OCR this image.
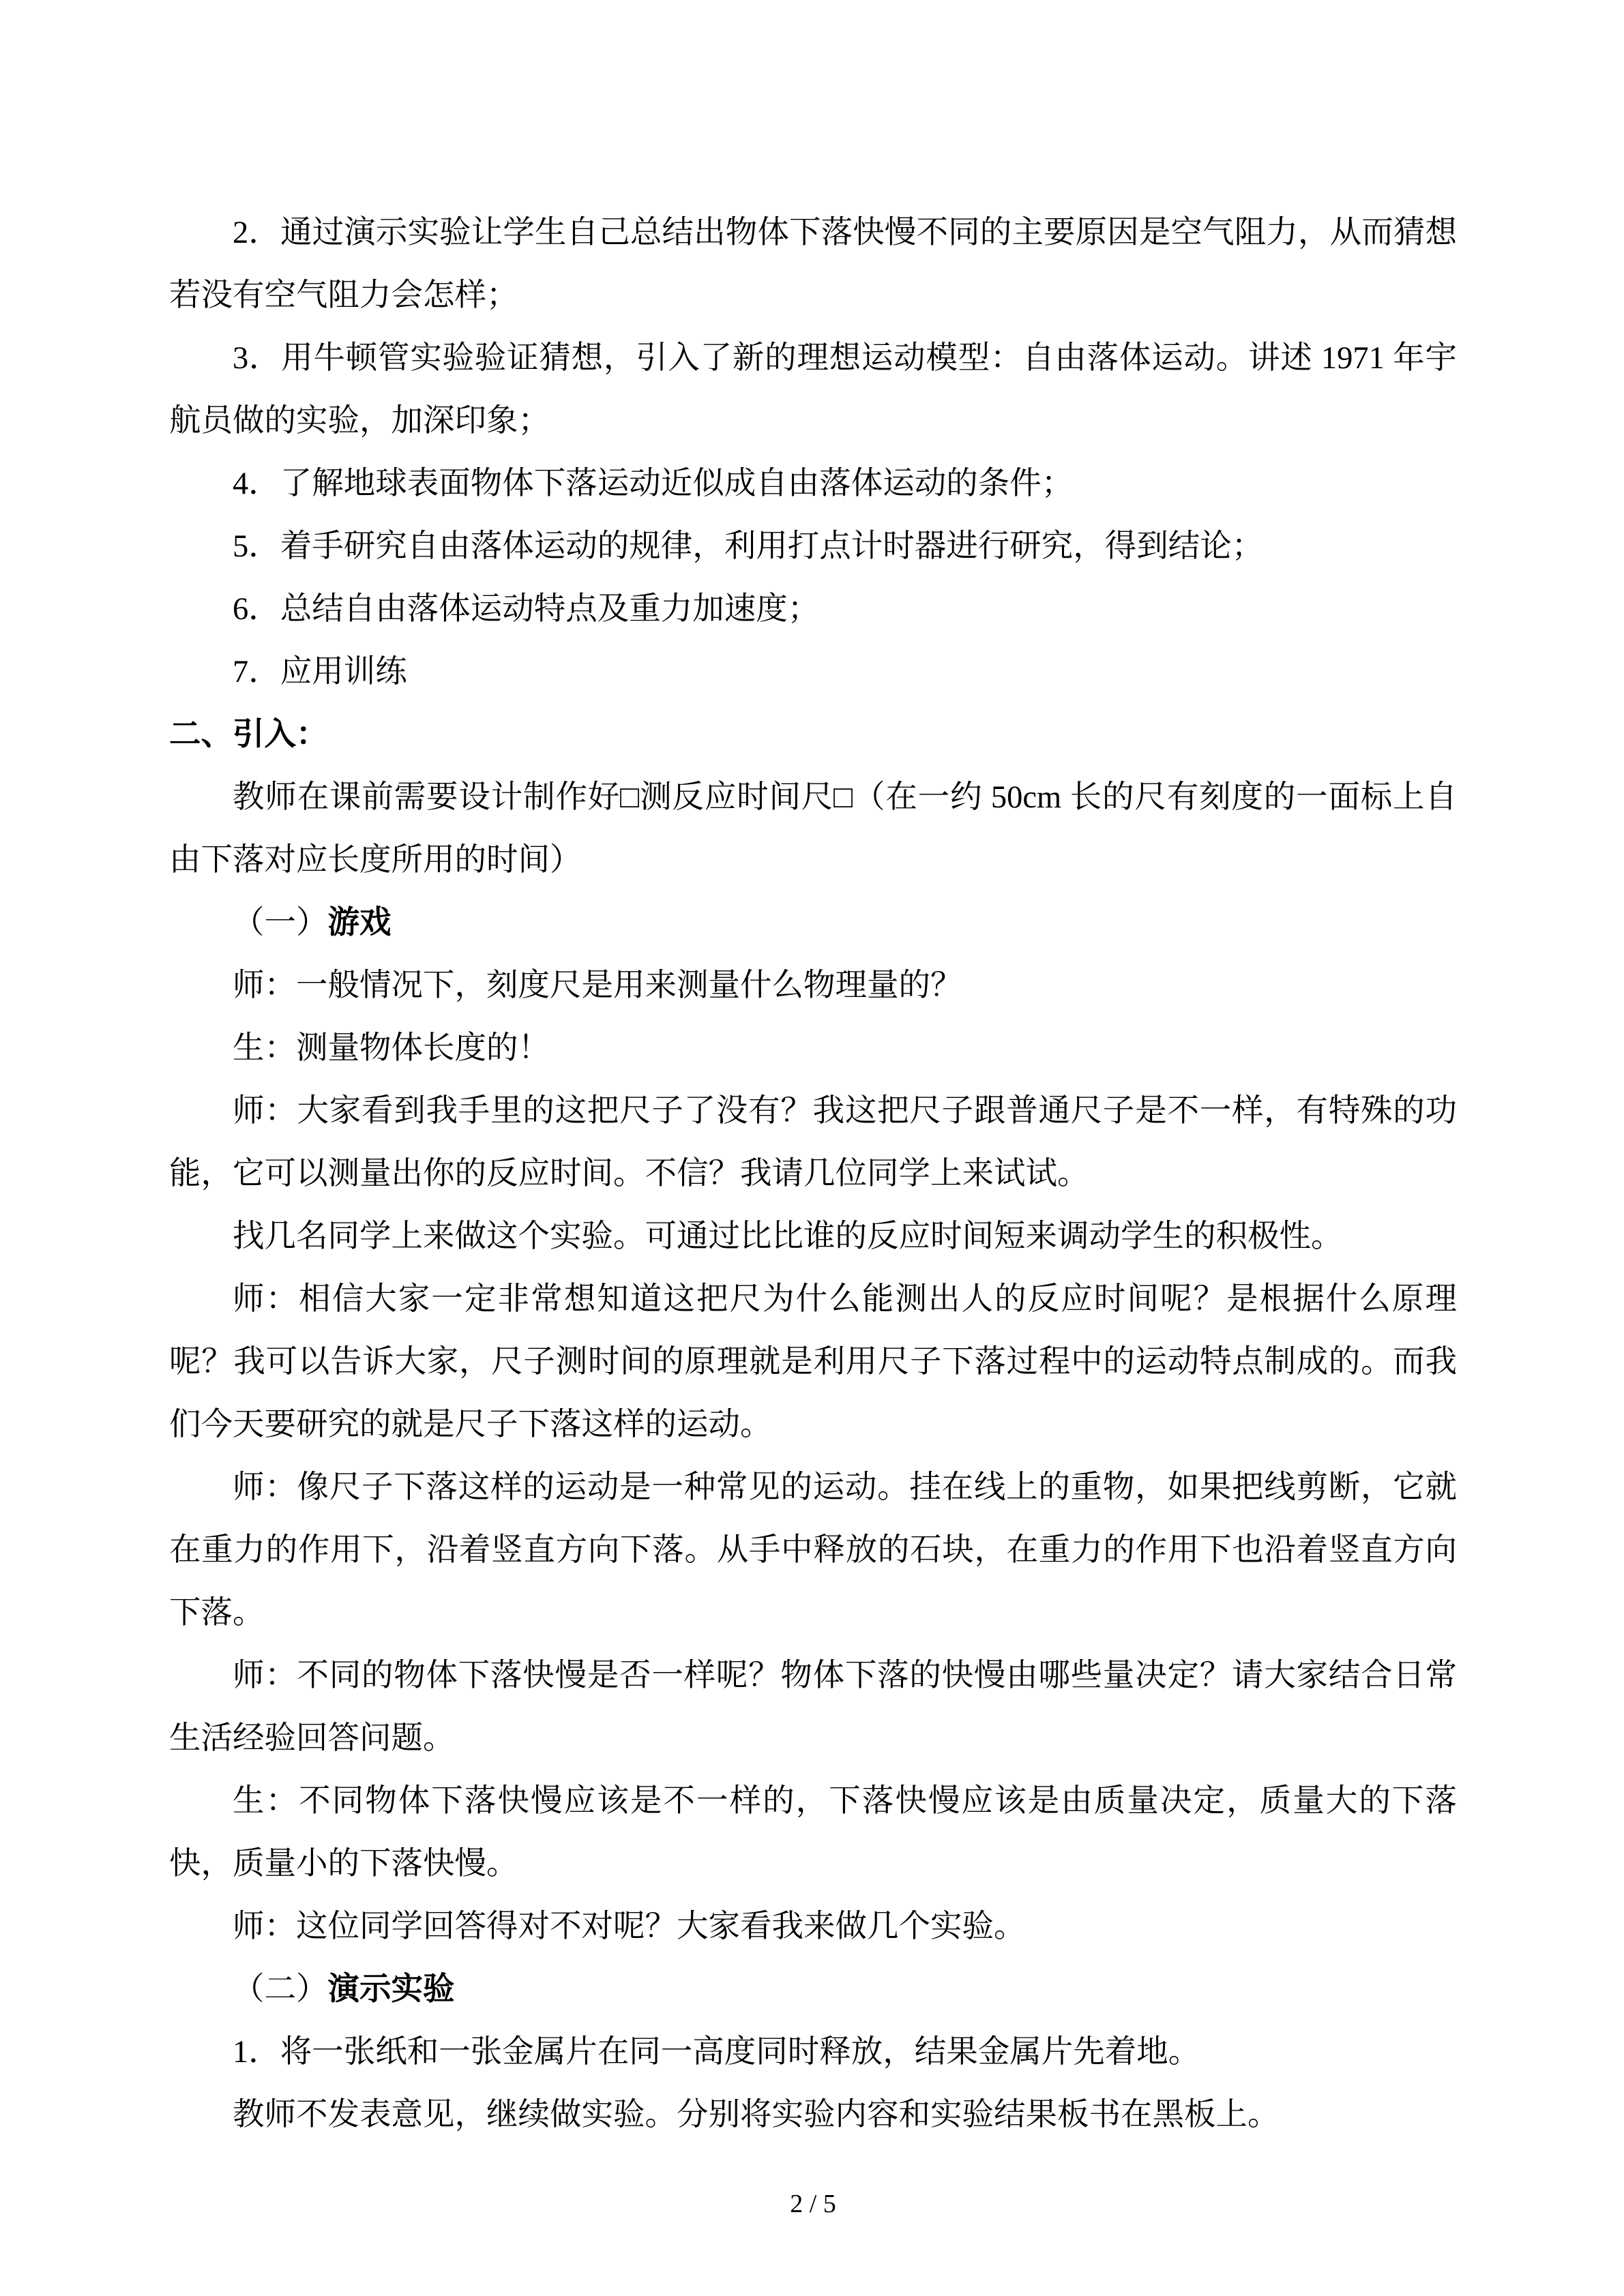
2．通过演示实验让学生自己总结出物体下落快慢不同的主要原因是空气阻力，从而猜想若没有空气阻力会怎样；

3．用牛顿管实验验证猜想，引入了新的理想运动模型：自由落体运动。讲述 1971 年宇航员做的实验，加深印象；

4．了解地球表面物体下落运动近似成自由落体运动的条件；

5．着手研究自由落体运动的规律，利用打点计时器进行研究，得到结论；

6．总结自由落体运动特点及重力加速度；

7．应用训练

二、引入：

教师在课前需要设计制作好□测反应时间尺□（在一约 50cm 长的尺有刻度的一面标上自由下落对应长度所用的时间）

（一）游戏

师：一般情况下，刻度尺是用来测量什么物理量的？

生：测量物体长度的！

师：大家看到我手里的这把尺子了没有？我这把尺子跟普通尺子是不一样，有特殊的功能，它可以测量出你的反应时间。不信？我请几位同学上来试试。

找几名同学上来做这个实验。可通过比比谁的反应时间短来调动学生的积极性。

师：相信大家一定非常想知道这把尺为什么能测出人的反应时间呢？是根据什么原理呢？我可以告诉大家，尺子测时间的原理就是利用尺子下落过程中的运动特点制成的。而我们今天要研究的就是尺子下落这样的运动。

师：像尺子下落这样的运动是一种常见的运动。挂在线上的重物，如果把线剪断，它就在重力的作用下，沿着竖直方向下落。从手中释放的石块，在重力的作用下也沿着竖直方向下落。

师：不同的物体下落快慢是否一样呢？物体下落的快慢由哪些量决定？请大家结合日常生活经验回答问题。

生：不同物体下落快慢应该是不一样的，下落快慢应该是由质量决定，质量大的下落快，质量小的下落快慢。

师：这位同学回答得对不对呢？大家看我来做几个实验。

（二）演示实验

1．将一张纸和一张金属片在同一高度同时释放，结果金属片先着地。

教师不发表意见，继续做实验。分别将实验内容和实验结果板书在黑板上。

2 / 5
